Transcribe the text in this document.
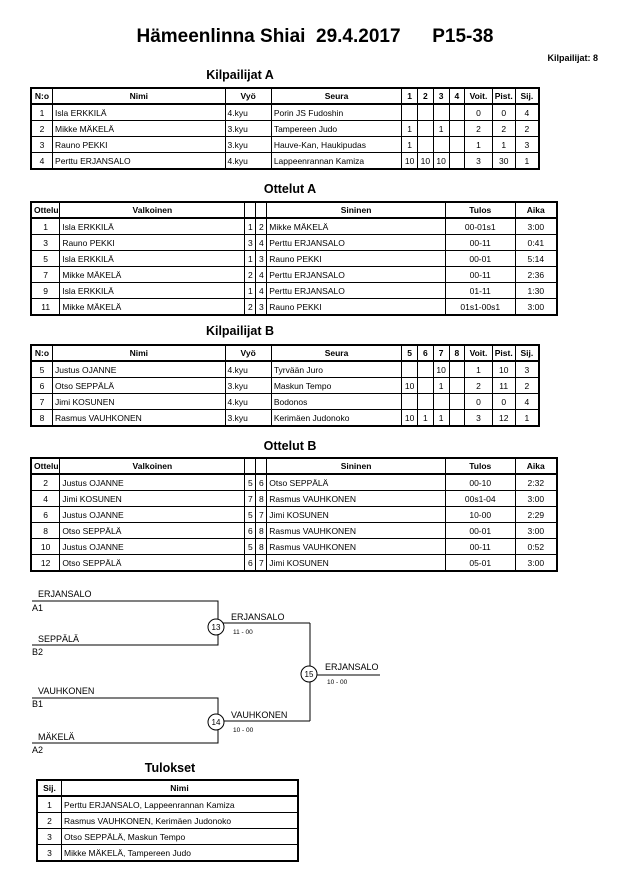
Hämeenlinna Shiai 29.4.2017 P15-38
Kilpailijat: 8
Kilpailijat A
N:o	Nimi	Vyö	Seura	1	2	3	4	Voit.	Pist.	Sij.
1	Isla ERKKILÄ	4.kyu	Porin JS Fudoshin					0	0	4
2	Mikke MÄKELÄ	3.kyu	Tampereen Judo	1		1		2	2	2
3	Rauno PEKKI	3.kyu	Hauve-Kan, Haukipudas	1				1	1	3
4	Perttu ERJANSALO	4.kyu	Lappeenrannan Kamiza	10	10	10		3	30	1
Ottelut A
Ottelu	Valkoinen			Sininen	Tulos	Aika
1	Isla ERKKILÄ	1	2	Mikke MÄKELÄ	00-01s1	3:00
3	Rauno PEKKI	3	4	Perttu ERJANSALO	00-11	0:41
5	Isla ERKKILÄ	1	3	Rauno PEKKI	00-01	5:14
7	Mikke MÄKELÄ	2	4	Perttu ERJANSALO	00-11	2:36
9	Isla ERKKILÄ	1	4	Perttu ERJANSALO	01-11	1:30
11	Mikke MÄKELÄ	2	3	Rauno PEKKI	01s1-00s1	3:00
Kilpailijat B
N:o	Nimi	Vyö	Seura	5	6	7	8	Voit.	Pist.	Sij.
5	Justus OJANNE	4.kyu	Tyrvään Juro			10		1	10	3
6	Otso SEPPÄLÄ	3.kyu	Maskun Tempo	10		1		2	11	2
7	Jimi KOSUNEN	4.kyu	Bodonos					0	0	4
8	Rasmus VAUHKONEN	3.kyu	Kerimäen Judonoko	10	1	1		3	12	1
Ottelut B
Ottelu	Valkoinen			Sininen	Tulos	Aika
2	Justus OJANNE	5	6	Otso SEPPÄLÄ	00-10	2:32
4	Jimi KOSUNEN	7	8	Rasmus VAUHKONEN	00s1-04	3:00
6	Justus OJANNE	5	7	Jimi KOSUNEN	10-00	2:29
8	Otso SEPPÄLÄ	6	8	Rasmus VAUHKONEN	00-01	3:00
10	Justus OJANNE	5	8	Rasmus VAUHKONEN	00-11	0:52
12	Otso SEPPÄLÄ	6	7	Jimi KOSUNEN	05-01	3:00
ERJANSALO
A1
SEPPÄLÄ
B2
VAUHKONEN
B1
MÄKELÄ
A2
ERJANSALO
VAUHKONEN
ERJANSALO
11 - 00
10 - 00
10 - 00
13
14
15
Tulokset
Sij.	Nimi
1	Perttu ERJANSALO, Lappeenrannan Kamiza
2	Rasmus VAUHKONEN, Kerimäen Judonoko
3	Otso SEPPÄLÄ, Maskun Tempo
3	Mikke MÄKELÄ, Tampereen Judo
